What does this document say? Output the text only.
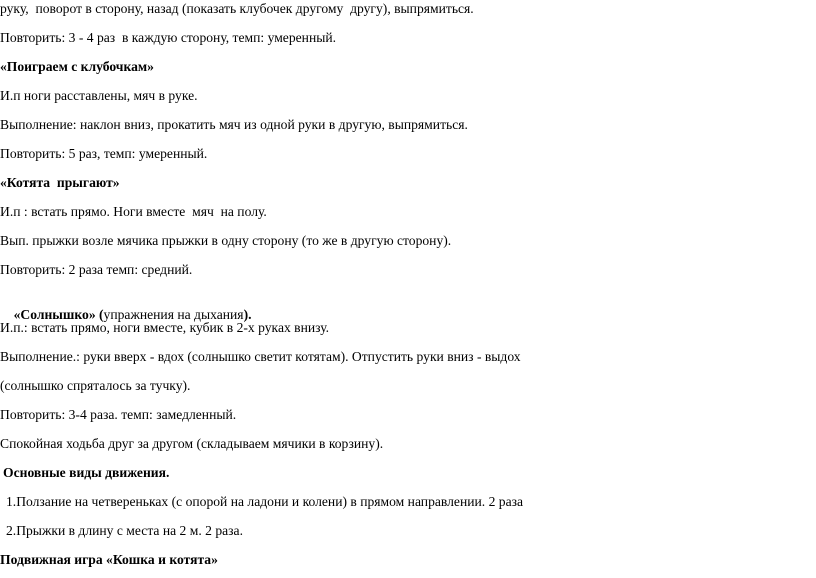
руку,  поворот в сторону, назад (показать клубочек другому  другу), выпрямиться.
Повторить: 3 - 4 раз  в каждую сторону, темп: умеренный.
«Поиграем с клубочкам»
И.п ноги расставлены, мяч в руке.
Выполнение: наклон вниз, прокатить мяч из одной руки в другую, выпрямиться.
Повторить: 5 раз, темп: умеренный.
«Котята  прыгают»
И.п : встать прямо. Ноги вместе  мяч  на полу.
Вып. прыжки возле мячика прыжки в одну сторону (то же в другую сторону).
Повторить: 2 раза темп: средний.

«Солнышко» (упражнения на дыхания).

И.п.: встать прямо, ноги вместе, кубик в 2-х руках внизу.
Выполнение.: руки вверх - вдох (солнышко светит котятам). Отпустить руки вниз - выдох
(солнышко спряталось за тучку).
Повторить: 3-4 раза. темп: замедленный.
Спокойная ходьба друг за другом (складываем мячики в корзину).
Основные виды движения.
1.Ползание на четвереньках (с опорой на ладони и колени) в прямом направлении. 2 раза
2.Прыжки в длину с места на 2 м. 2 раза.
Подвижная игра «Кошка и котята»
